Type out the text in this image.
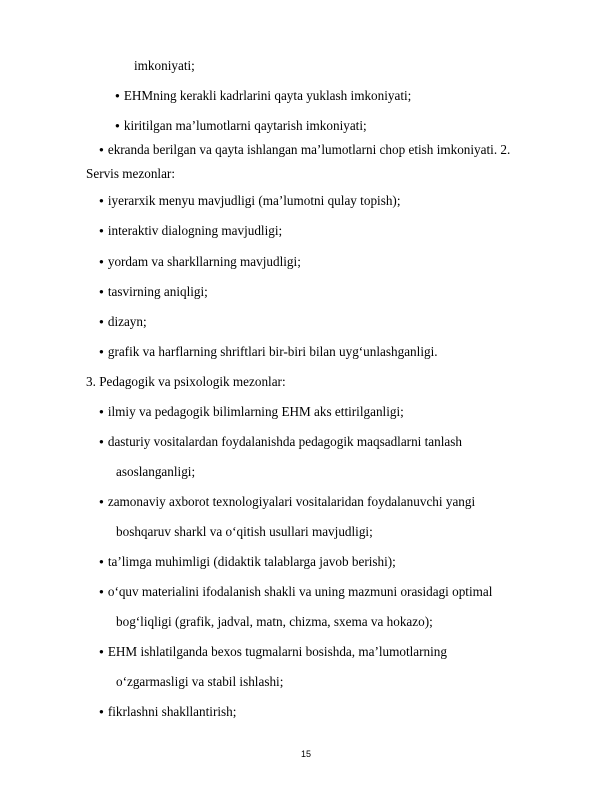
imkoniyati;
● EHMning kerakli kadrlarini qayta yuklash imkoniyati;
● kiritilgan ma’lumotlarni qaytarish imkoniyati;
● ekranda berilgan va qayta ishlangan ma’lumotlarni chop etish imkoniyati. 2.
Servis mezonlar:
● iyerarxik menyu mavjudligi (ma’lumotni qulay topish);
● interaktiv dialogning mavjudligi;
● yordam va sharkllarning mavjudligi;
● tasvirning aniqligi;
● dizayn;
● grafik va harflarning shriftlari bir-biri bilan uyg‘unlashganligi.
3. Pedagogik va psixologik mezonlar:
● ilmiy va pedagogik bilimlarning EHM aks ettirilganligi;
● dasturiy vositalardan foydalanishda pedagogik maqsadlarni tanlash
asoslanganligi;
● zamonaviy axborot texnologiyalari vositalaridan foydalanuvchi yangi
boshqaruv sharkl va o‘qitish usullari mavjudligi;
● ta’limga muhimligi (didaktik talablarga javob berishi);
● o‘quv materialini ifodalanish shakli va uning mazmuni orasidagi optimal
bog‘liqligi (grafik, jadval, matn, chizma, sxema va hokazo);
● EHM ishlatilganda bexos tugmalarni bosishda, ma’lumotlarning
o‘zgarmasligi va stabil ishlashi;
● fikrlashni shakllantirish;
15
